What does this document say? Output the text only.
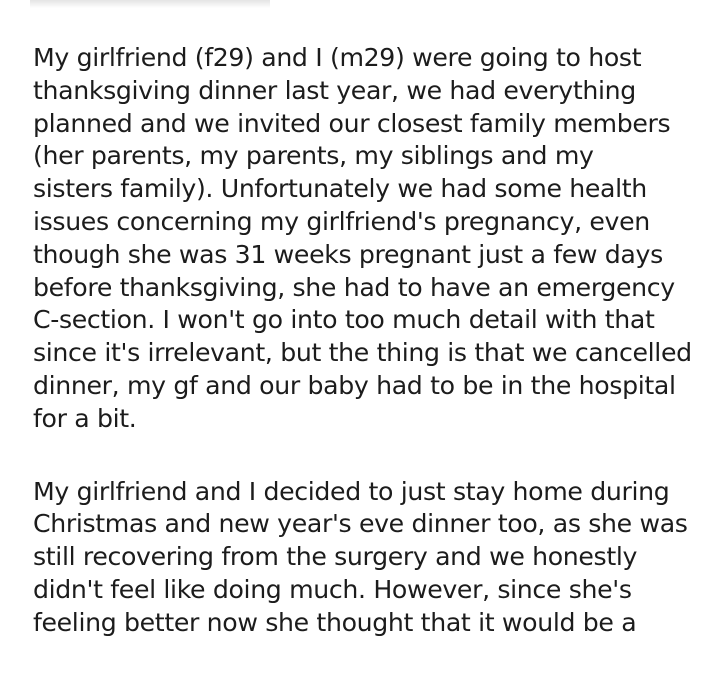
My girlfriend (f29) and I (m29) were going to host
thanksgiving dinner last year, we had everything
planned and we invited our closest family members
(her parents, my parents, my siblings and my
sisters family). Unfortunately we had some health
issues concerning my girlfriend's pregnancy, even
though she was 31 weeks pregnant just a few days
before thanksgiving, she had to have an emergency
C-section. I won't go into too much detail with that
since it's irrelevant, but the thing is that we cancelled
dinner, my gf and our baby had to be in the hospital
for a bit.

My girlfriend and I decided to just stay home during
Christmas and new year's eve dinner too, as she was
still recovering from the surgery and we honestly
didn't feel like doing much. However, since she's
feeling better now she thought that it would be a
